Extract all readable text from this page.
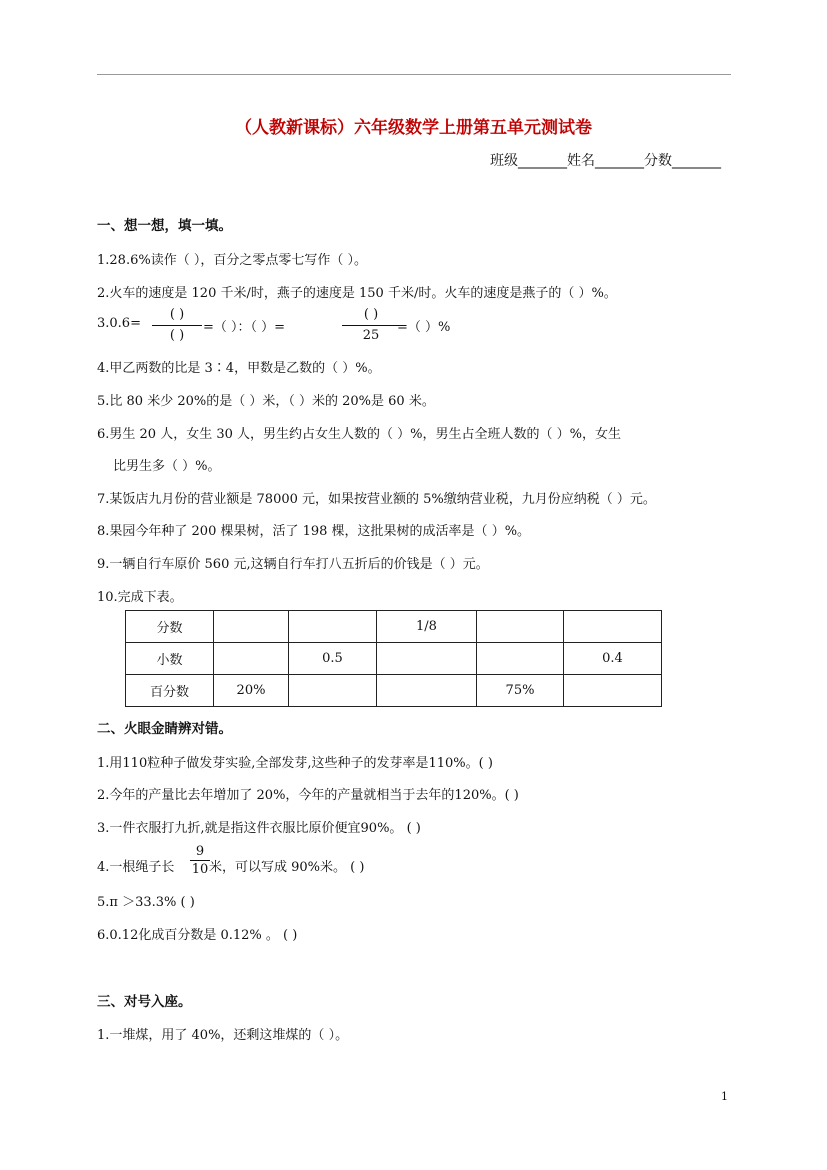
（人教新课标）六年级数学上册第五单元测试卷
班级_______姓名_______分数_______
一、想一想，填一填。
1.28.6%读作（ ），百分之零点零七写作（ ）。
2.火车的速度是 120 千米/时，燕子的速度是 150 千米/时。火车的速度是燕子的（ ）%。
3.0.6=
( )
( )
=（ ）：（ ）=
( )
25
=（ ）%
4.甲乙两数的比是 3∶4，甲数是乙数的（ ）%。
5.比 80 米少 20%的是（ ）米，（ ）米的 20%是 60 米。
6.男生 20 人，女生 30 人，男生约占女生人数的（ ）%，男生占全班人数的（ ）%，女生
比男生多（ ）%。
7.某饭店九月份的营业额是 78000 元，如果按营业额的 5%缴纳营业税，九月份应纳税（ ）元。
8.果园今年种了 200 棵果树，活了 198 棵，这批果树的成活率是（ ）%。
9.一辆自行车原价 560 元,这辆自行车打八五折后的价钱是（ ）元。
10.完成下表。
分数			1/8		
小数		0.5			0.4
百分数	20%			75%	
二、火眼金睛辨对错。
1.用110粒种子做发芽实验,全部发芽,这些种子的发芽率是110%。( )
2.今年的产量比去年增加了 20%，今年的产量就相当于去年的120%。( )
3.一件衣服打九折,就是指这件衣服比原价便宜90%。 ( )
4.一根绳子长 $\frac{9}{10}$ 米，可以写成 90%米。 ( )
5.π ＞33.3% ( )
6.0.12化成百分数是 0.12% 。 ( )
三、对号入座。
1.一堆煤，用了 40%，还剩这堆煤的（ ）。
1
